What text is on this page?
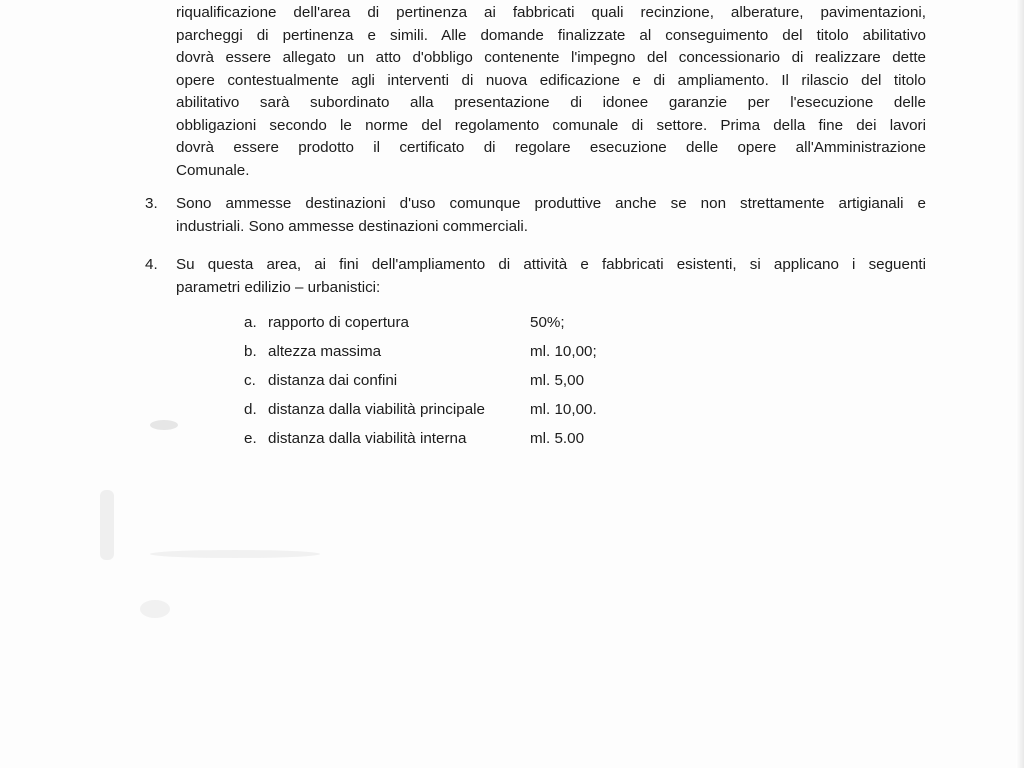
riqualificazione dell'area di pertinenza ai fabbricati quali recinzione, alberature, pavimentazioni,
parcheggi di pertinenza e simili. Alle domande finalizzate al conseguimento del titolo abilitativo
dovrà essere allegato un atto d'obbligo contenente l'impegno del concessionario di realizzare dette
opere contestualmente agli interventi di nuova edificazione e di ampliamento. Il rilascio del titolo
abilitativo sarà subordinato alla presentazione di idonee garanzie per l'esecuzione delle
obbligazioni secondo le norme del regolamento comunale di settore. Prima della fine dei lavori
dovrà essere prodotto il certificato di regolare esecuzione delle opere all'Amministrazione
Comunale.
3. Sono ammesse destinazioni d'uso comunque produttive anche se non strettamente artigianali e
industriali. Sono ammesse destinazioni commerciali.
4. Su questa area, ai fini dell'ampliamento di attività e fabbricati esistenti, si applicano i seguenti
parametri edilizio – urbanistici:
a. rapporto di copertura	50%;
b. altezza massima	ml. 10,00;
c. distanza dai confini	ml. 5,00
d. distanza dalla viabilità principale	ml. 10,00.
e. distanza dalla viabilità interna	ml. 5.00
